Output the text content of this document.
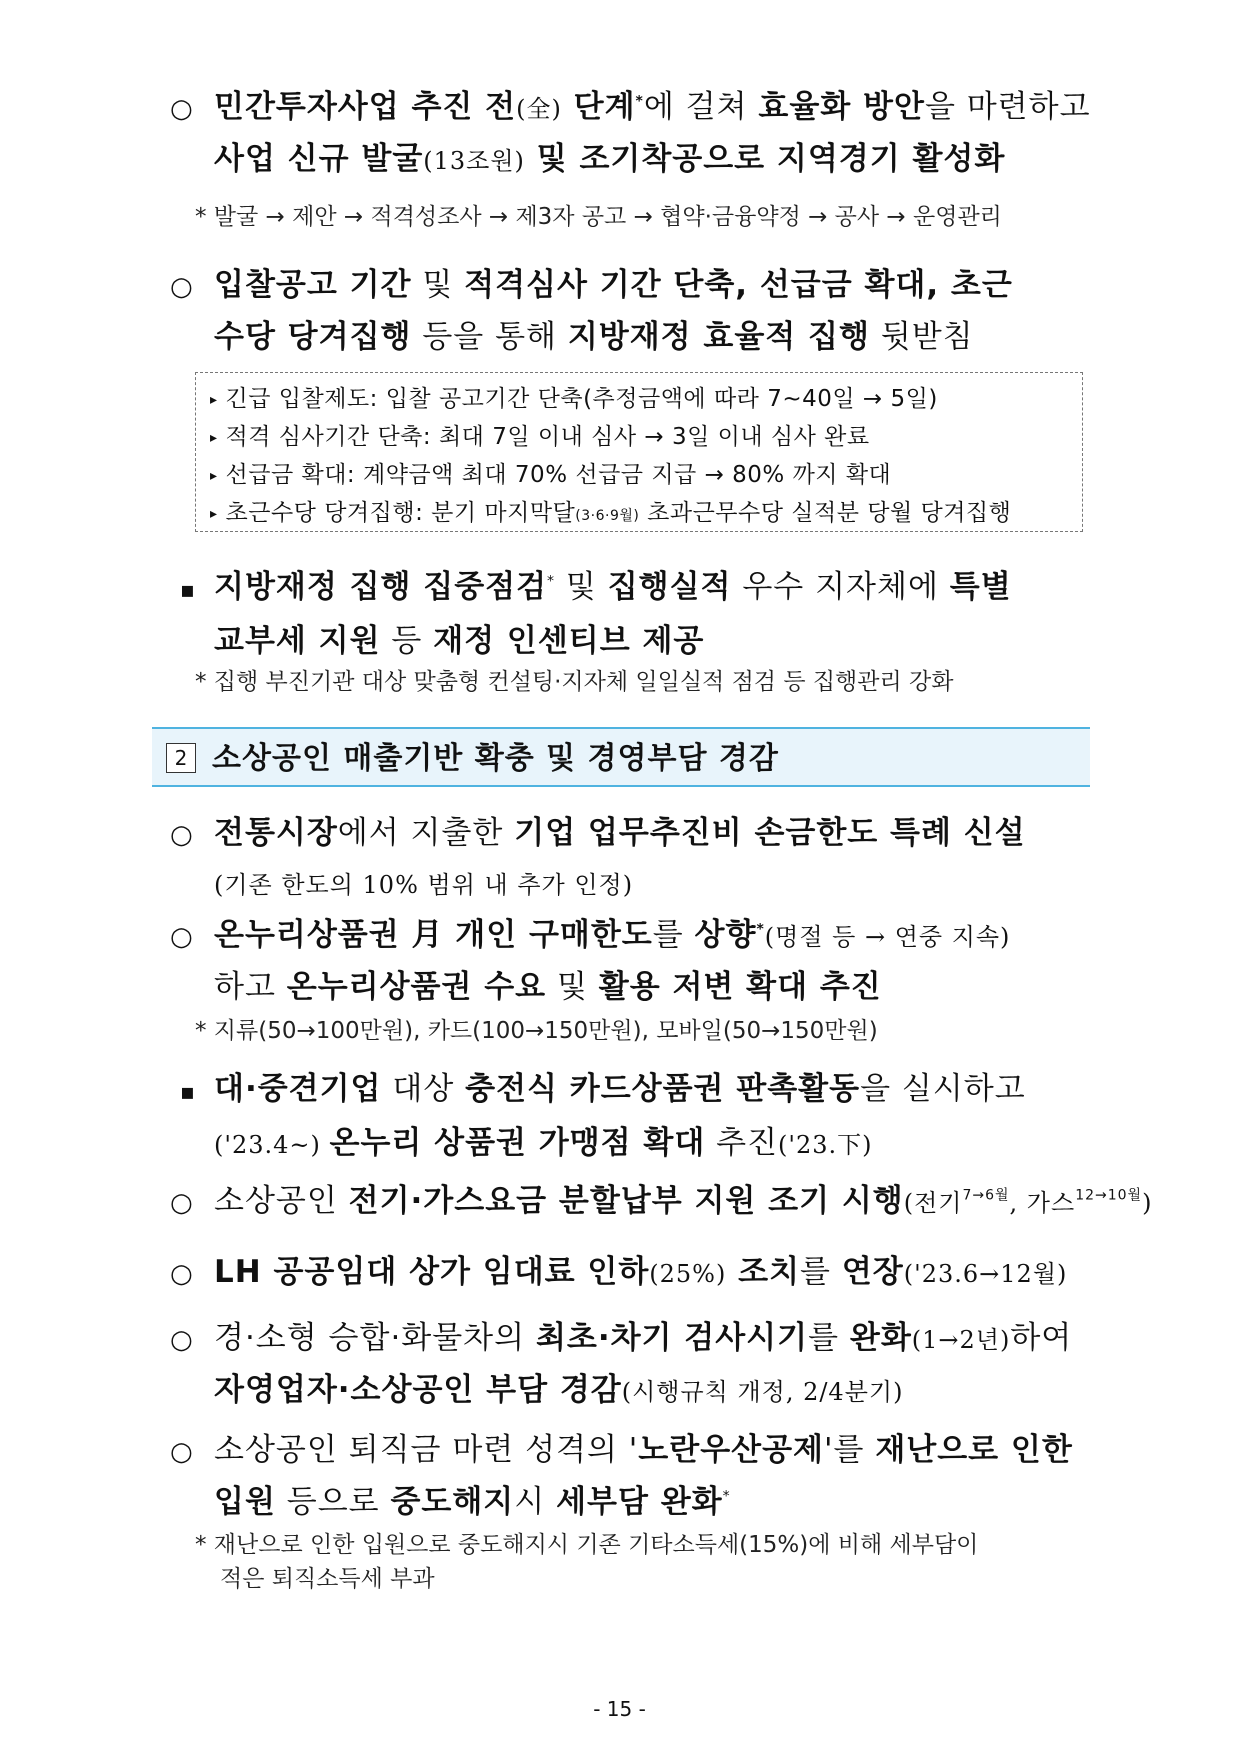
○ 민간투자사업 추진 전(全) 단계*에 걸쳐 효율화 방안을 마련하고
사업 신규 발굴(13조원) 및 조기착공으로 지역경기 활성화
* 발굴 → 제안 → 적격성조사 → 제3자 공고 → 협약·금융약정 → 공사 → 운영관리
○ 입찰공고 기간 및 적격심사 기간 단축, 선급금 확대, 초근
수당 당겨집행 등을 통해 지방재정 효율적 집행 뒷받침
▸ 긴급 입찰제도: 입찰 공고기간 단축(추정금액에 따라 7~40일 → 5일)
▸ 적격 심사기간 단축: 최대 7일 이내 심사 → 3일 이내 심사 완료
▸ 선급금 확대: 계약금액 최대 70% 선급금 지급 → 80% 까지 확대
▸ 초근수당 당겨집행: 분기 마지막달(3·6·9월) 초과근무수당 실적분 당월 당겨집행
▪ 지방재정 집행 집중점검* 및 집행실적 우수 지자체에 특별
교부세 지원 등 재정 인센티브 제공
* 집행 부진기관 대상 맞춤형 컨설팅·지자체 일일실적 점검 등 집행관리 강화
2 소상공인 매출기반 확충 및 경영부담 경감
○ 전통시장에서 지출한 기업 업무추진비 손금한도 특례 신설
(기존 한도의 10% 범위 내 추가 인정)
○ 온누리상품권 月 개인 구매한도를 상향*(명절 등 → 연중 지속)
하고 온누리상품권 수요 및 활용 저변 확대 추진
* 지류(50→100만원), 카드(100→150만원), 모바일(50→150만원)
▪ 대·중견기업 대상 충전식 카드상품권 판촉활동을 실시하고
('23.4~) 온누리 상품권 가맹점 확대 추진('23.下)
○ 소상공인 전기·가스요금 분할납부 지원 조기 시행(전기$^{7\to 6월}$, 가스$^{12\to 10월}$)
○ LH 공공임대 상가 임대료 인하(25%) 조치를 연장('23.6→12월)
○ 경·소형 승합·화물차의 최초·차기 검사시기를 완화(1→2년)하여
자영업자·소상공인 부담 경감(시행규칙 개정, 2/4분기)
○ 소상공인 퇴직금 마련 성격의 '노란우산공제'를 재난으로 인한
입원 등으로 중도해지시 세부담 완화*
* 재난으로 인한 입원으로 중도해지시 기존 기타소득세(15%)에 비해 세부담이
적은 퇴직소득세 부과
- 15 -
